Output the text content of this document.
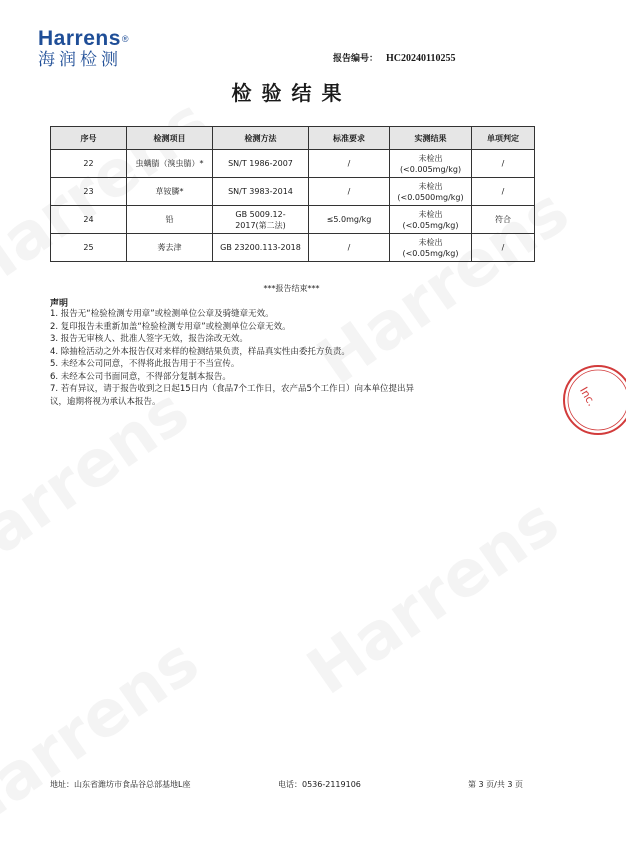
Harrens®
海润检测	报告编号： HC20240110255
检验结果
序号	检测项目	检测方法	标准要求	实测结果	单项判定
22	虫螨腈（溴虫腈）*	SN/T 1986-2007	/	未检出
(<0.005mg/kg)	/
23	草铵膦*	SN/T 3983-2014	/	未检出
(<0.0500mg/kg)	/
24	铅	GB 5009.12-
2017(第二法)	≤5.0mg/kg	未检出
(<0.05mg/kg)	符合
25	莠去津	GB 23200.113-2018	/	未检出
(<0.05mg/kg)	/
***报告结束***
声明
1. 报告无“检验检测专用章”或检测单位公章及骑缝章无效。
2. 复印报告未重新加盖“检验检测专用章”或检测单位公章无效。
3. 报告无审核人、批准人签字无效，报告涂改无效。
4. 除抽检活动之外本报告仅对来样的检测结果负责，样品真实性由委托方负责。
5. 未经本公司同意，不得将此报告用于不当宣传。
6. 未经本公司书面同意，不得部分复制本报告。
7. 若有异议，请于报告收到之日起15日内（食品7个工作日，农产品5个工作日）向本单位提出异
议，逾期将视为承认本报告。	Inc.
地址：山东省潍坊市食品谷总部基地L座	电话：0536-2119106	第 3 页/共 3 页
